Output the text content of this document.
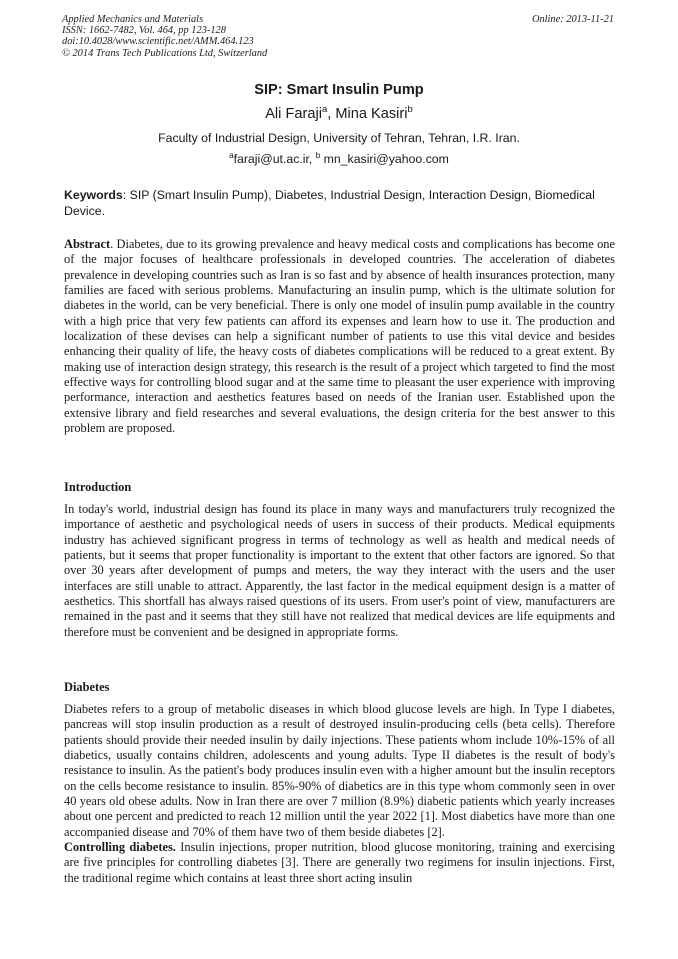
Applied Mechanics and Materials
ISSN: 1662-7482, Vol. 464, pp 123-128
doi:10.4028/www.scientific.net/AMM.464.123
© 2014 Trans Tech Publications Ltd, Switzerland
Online: 2013-11-21
SIP: Smart Insulin Pump
Ali Faraji$^a$, Mina Kasiri$^b$
Faculty of Industrial Design, University of Tehran, Tehran, I.R. Iran.
$^a$faraji@ut.ac.ir, $^b$ mn_kasiri@yahoo.com
Keywords: SIP (Smart Insulin Pump), Diabetes, Industrial Design, Interaction Design, Biomedical Device.
Abstract. Diabetes, due to its growing prevalence and heavy medical costs and complications has become one of the major focuses of healthcare professionals in developed countries. The acceleration of diabetes prevalence in developing countries such as Iran is so fast and by absence of health insurances protection, many families are faced with serious problems. Manufacturing an insulin pump, which is the ultimate solution for diabetes in the world, can be very beneficial. There is only one model of insulin pump available in the country with a high price that very few patients can afford its expenses and learn how to use it. The production and localization of these devises can help a significant number of patients to use this vital device and besides enhancing their quality of life, the heavy costs of diabetes complications will be reduced to a great extent. By making use of interaction design strategy, this research is the result of a project which targeted to find the most effective ways for controlling blood sugar and at the same time to pleasant the user experience with improving performance, interaction and aesthetics features based on needs of the Iranian user. Established upon the extensive library and field researches and several evaluations, the design criteria for the best answer to this problem are proposed.
Introduction
In today's world, industrial design has found its place in many ways and manufacturers truly recognized the importance of aesthetic and psychological needs of users in success of their products. Medical equipments industry has achieved significant progress in terms of technology as well as health and medical needs of patients, but it seems that proper functionality is important to the extent that other factors are ignored. So that over 30 years after development of pumps and meters, the way they interact with the users and the user interfaces are still unable to attract. Apparently, the last factor in the medical equipment design is a matter of aesthetics. This shortfall has always raised questions of its users. From user's point of view, manufacturers are remained in the past and it seems that they still have not realized that medical devices are life equipments and therefore must be convenient and be designed in appropriate forms.
Diabetes
Diabetes refers to a group of metabolic diseases in which blood glucose levels are high. In Type I diabetes, pancreas will stop insulin production as a result of destroyed insulin-producing cells (beta cells). Therefore patients should provide their needed insulin by daily injections. These patients whom include 10%-15% of all diabetics, usually contains children, adolescents and young adults. Type II diabetes is the result of body's resistance to insulin. As the patient's body produces insulin even with a higher amount but the insulin receptors on the cells become resistance to insulin. 85%-90% of diabetics are in this type whom commonly seen in over 40 years old obese adults. Now in Iran there are over 7 million (8.9%) diabetic patients which yearly increases about one percent and predicted to reach 12 million until the year 2022 [1]. Most diabetics have more than one accompanied disease and 70% of them have two of them beside diabetes [2].
Controlling diabetes. Insulin injections, proper nutrition, blood glucose monitoring, training and exercising are five principles for controlling diabetes [3]. There are generally two regimens for insulin injections. First, the traditional regime which contains at least three short acting insulin
